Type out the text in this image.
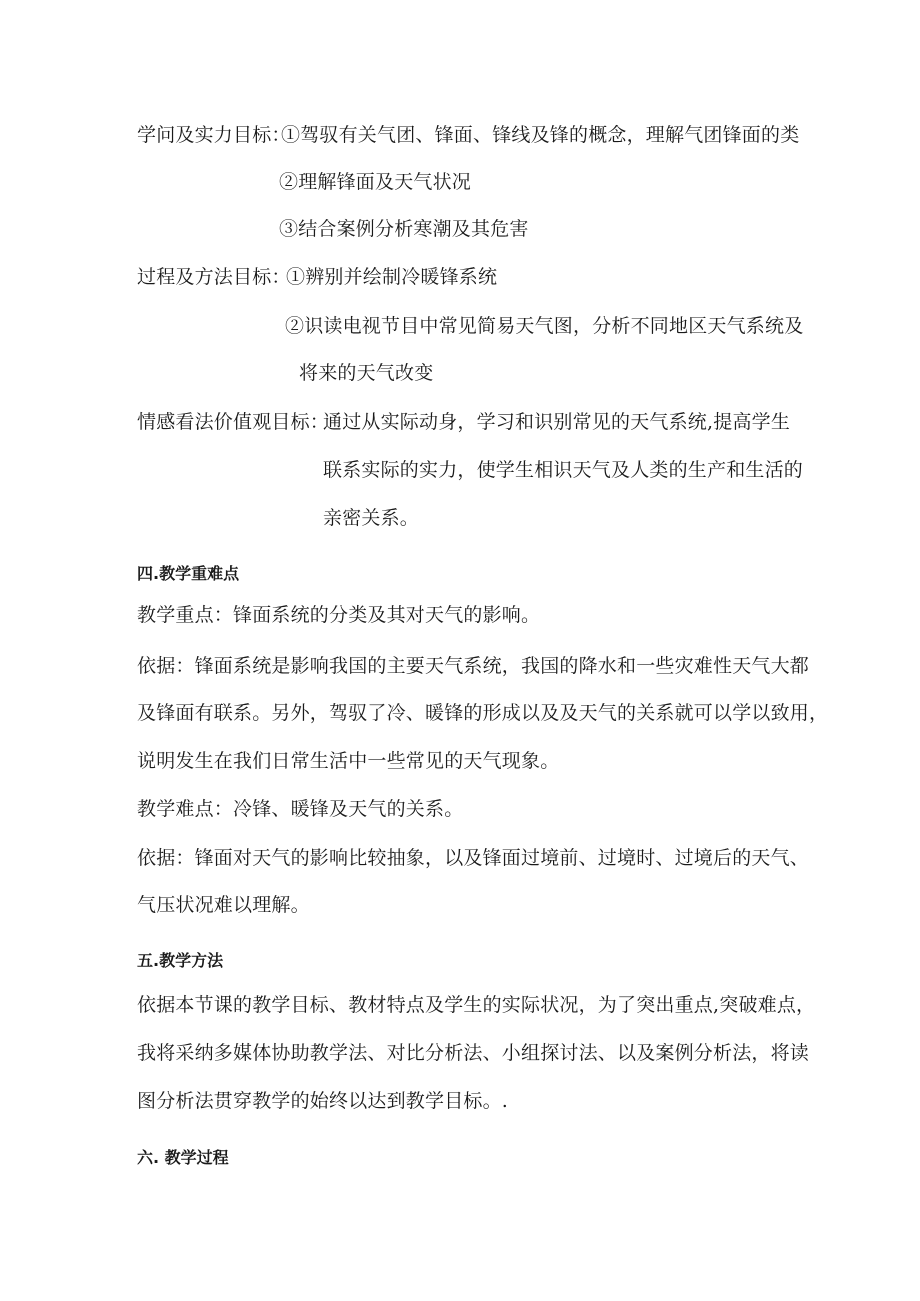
学问及实力目标：
①驾驭有关气团、锋面、锋线及锋的概念，理解气团锋面的类
②理解锋面及天气状况
③结合案例分析寒潮及其危害
过程及方法目标：
①辨别并绘制冷暖锋系统
②识读电视节目中常见简易天气图，分析不同地区天气系统及
将来的天气改变
情感看法价值观目标：
通过从实际动身，学习和识别常见的天气系统,提高学生
联系实际的实力，使学生相识天气及人类的生产和生活的
亲密关系。
四.教学重难点
教学重点：锋面系统的分类及其对天气的影响。
依据：锋面系统是影响我国的主要天气系统，我国的降水和一些灾难性天气大都
及锋面有联系。另外，驾驭了冷、暖锋的形成以及及天气的关系就可以学以致用，
说明发生在我们日常生活中一些常见的天气现象。
教学难点：冷锋、暖锋及天气的关系。
依据：锋面对天气的影响比较抽象，以及锋面过境前、过境时、过境后的天气、
气压状况难以理解。
五.教学方法
依据本节课的教学目标、教材特点及学生的实际状况，为了突出重点,突破难点，
我将采纳多媒体协助教学法、对比分析法、小组探讨法、以及案例分析法，将读
图分析法贯穿教学的始终以达到教学目标。.
六. 教学过程
